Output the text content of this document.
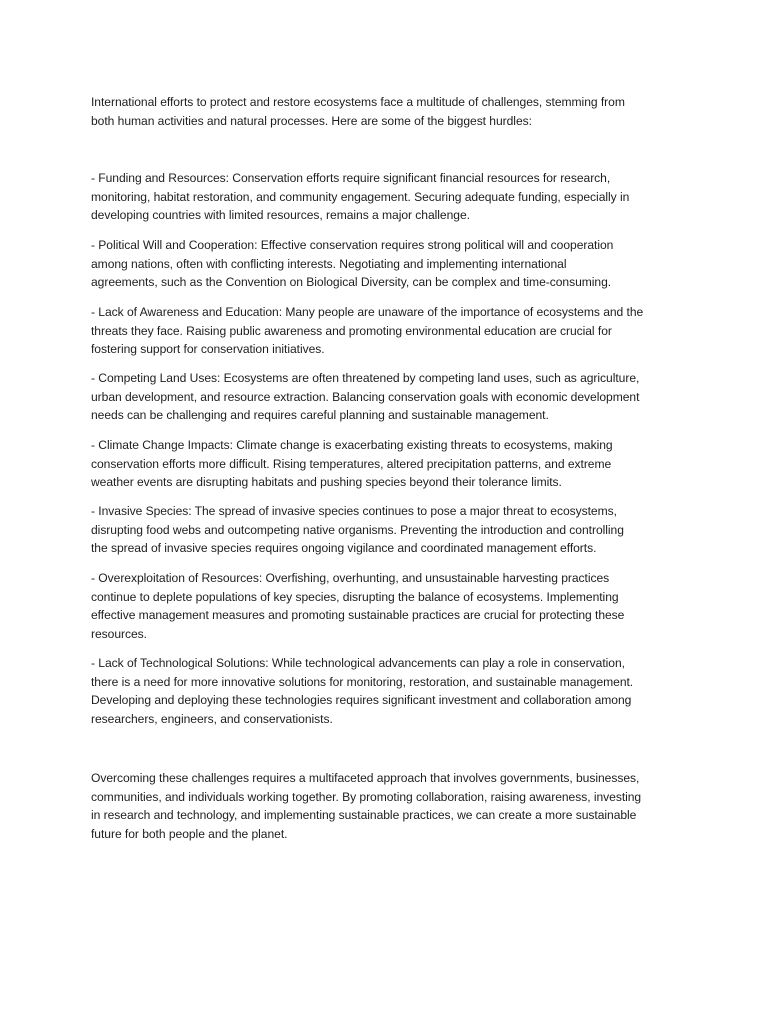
International efforts to protect and restore ecosystems face a multitude of challenges, stemming from
both human activities and natural processes. Here are some of the biggest hurdles:
- Funding and Resources: Conservation efforts require significant financial resources for research,
monitoring, habitat restoration, and community engagement. Securing adequate funding, especially in
developing countries with limited resources, remains a major challenge.
- Political Will and Cooperation: Effective conservation requires strong political will and cooperation
among nations, often with conflicting interests. Negotiating and implementing international
agreements, such as the Convention on Biological Diversity, can be complex and time-consuming.
- Lack of Awareness and Education: Many people are unaware of the importance of ecosystems and the
threats they face. Raising public awareness and promoting environmental education are crucial for
fostering support for conservation initiatives.
- Competing Land Uses: Ecosystems are often threatened by competing land uses, such as agriculture,
urban development, and resource extraction. Balancing conservation goals with economic development
needs can be challenging and requires careful planning and sustainable management.
- Climate Change Impacts: Climate change is exacerbating existing threats to ecosystems, making
conservation efforts more difficult. Rising temperatures, altered precipitation patterns, and extreme
weather events are disrupting habitats and pushing species beyond their tolerance limits.
- Invasive Species: The spread of invasive species continues to pose a major threat to ecosystems,
disrupting food webs and outcompeting native organisms. Preventing the introduction and controlling
the spread of invasive species requires ongoing vigilance and coordinated management efforts.
- Overexploitation of Resources: Overfishing, overhunting, and unsustainable harvesting practices
continue to deplete populations of key species, disrupting the balance of ecosystems. Implementing
effective management measures and promoting sustainable practices are crucial for protecting these
resources.
- Lack of Technological Solutions: While technological advancements can play a role in conservation,
there is a need for more innovative solutions for monitoring, restoration, and sustainable management.
Developing and deploying these technologies requires significant investment and collaboration among
researchers, engineers, and conservationists.
Overcoming these challenges requires a multifaceted approach that involves governments, businesses,
communities, and individuals working together. By promoting collaboration, raising awareness, investing
in research and technology, and implementing sustainable practices, we can create a more sustainable
future for both people and the planet.
